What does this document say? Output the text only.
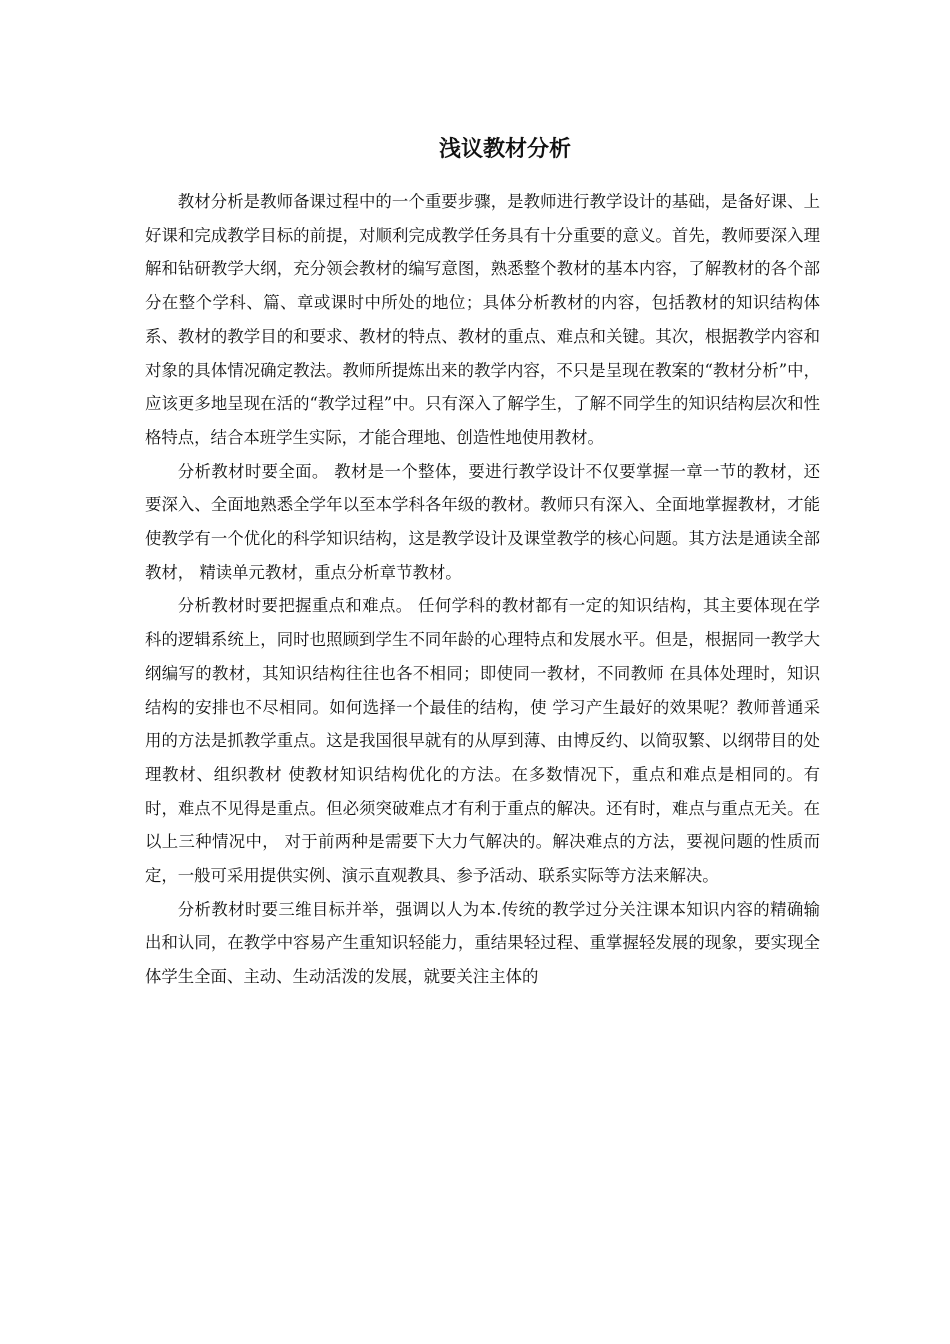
浅议教材分析

教材分析是教师备课过程中的一个重要步骤，是教师进行教学设计的基础，是备好课、上好课和完成教学目标的前提，对顺利完成教学任务具有十分重要的意义。首先，教师要深入理解和钻研教学大纲，充分领会教材的编写意图，熟悉整个教材的基本内容，了解教材的各个部分在整个学科、篇、章或课时中所处的地位；具体分析教材的内容，包括教材的知识结构体系、教材的教学目的和要求、教材的特点、教材的重点、难点和关键。其次，根据教学内容和对象的具体情况确定教法。教师所提炼出来的教学内容，不只是呈现在教案的“教材分析”中，应该更多地呈现在活的“教学过程”中。只有深入了解学生，了解不同学生的知识结构层次和性格特点，结合本班学生实际，才能合理地、创造性地使用教材。

分析教材时要全面。 教材是一个整体，要进行教学设计不仅要掌握一章一节的教材，还要深入、全面地熟悉全学年以至本学科各年级的教材。教师只有深入、全面地掌握教材，才能使教学有一个优化的科学知识结构，这是教学设计及课堂教学的核心问题。其方法是通读全部教材， 精读单元教材，重点分析章节教材。

分析教材时要把握重点和难点。 任何学科的教材都有一定的知识结构，其主要体现在学科的逻辑系统上，同时也照顾到学生不同年龄的心理特点和发展水平。但是，根据同一教学大纲编写的教材，其知识结构往往也各不相同；即使同一教材，不同教师 在具体处理时，知识结构的安排也不尽相同。如何选择一个最佳的结构，使 学习产生最好的效果呢？教师普通采用的方法是抓教学重点。这是我国很早就有的从厚到薄、由博反约、以简驭繁、以纲带目的处理教材、组织教材 使教材知识结构优化的方法。在多数情况下，重点和难点是相同的。有时，难点不见得是重点。但必须突破难点才有利于重点的解决。还有时，难点与重点无关。在以上三种情况中， 对于前两种是需要下大力气解决的。解决难点的方法，要视问题的性质而定，一般可采用提供实例、演示直观教具、参予活动、联系实际等方法来解决。

分析教材时要三维目标并举，强调以人为本.传统的教学过分关注课本知识内容的精确输出和认同，在教学中容易产生重知识轻能力，重结果轻过程、重掌握轻发展的现象，要实现全体学生全面、主动、生动活泼的发展，就要关注主体的
